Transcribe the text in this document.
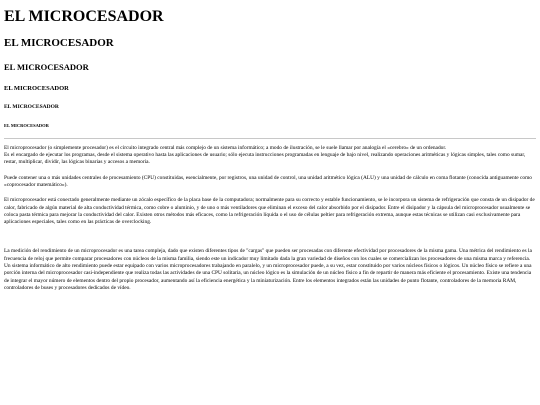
EL MICROCESADOR
EL MICROCESADOR
EL MICROCESADOR
EL MICROCESADOR
EL MICROCESADOR
EL MICROCESADOR

El microprocesador (o simplemente procesador) es el circuito integrado central más complejo de un sistema informático; a modo de ilustración, se le suele llamar por analogía el «cerebro» de un ordenador.
Es el encargado de ejecutar los programas, desde el sistema operativo hasta las aplicaciones de usuario; sólo ejecuta instrucciones programadas en lenguaje de bajo nivel, realizando operaciones aritméticas y lógicas simples, tales como sumar, restar, multiplicar, dividir, las lógicas binarias y accesos a memoria.

Puede contener una o más unidades centrales de procesamiento (CPU) constituidas, esencialmente, por registros, una unidad de control, una unidad aritmético lógica (ALU) y una unidad de cálculo en coma flotante (conocida antiguamente como «coprocesador matemático»).

El microprocesador está conectado generalmente mediante un zócalo específico de la placa base de la computadora; normalmente para su correcto y estable funcionamiento, se le incorpora un sistema de refrigeración que consta de un disipador de calor, fabricado de algún material de alta conductividad térmica, como cobre o aluminio, y de uno o más ventiladores que eliminan el exceso del calor absorbido por el disipador. Entre el disipador y la cápsula del microprocesador usualmente se coloca pasta térmica para mejorar la conductividad del calor. Existen otros métodos más eficaces, como la refrigeración líquida o el uso de células peltier para refrigeración extrema, aunque estas técnicas se utilizan casi exclusivamente para aplicaciones especiales, tales como en las prácticas de overclocking.

La medición del rendimiento de un microprocesador es una tarea compleja, dado que existen diferentes tipos de "cargas" que pueden ser procesadas con diferente efectividad por procesadores de la misma gama. Una métrica del rendimiento es la frecuencia de reloj que permite comparar procesadores con núcleos de la misma familia, siendo este un indicador muy limitado dada la gran variedad de diseños con los cuales se comercializan los procesadores de una misma marca y referencia. Un sistema informático de alto rendimiento puede estar equipado con varios microprocesadores trabajando en paralelo, y un microprocesador puede, a su vez, estar constituido por varios núcleos físicos o lógicos. Un núcleo físico se refiere a una porción interna del microprocesador casi-independiente que realiza todas las actividades de una CPU solitaria, un núcleo lógico es la simulación de un núcleo físico a fin de repartir de manera más eficiente el procesamiento. Existe una tendencia de integrar el mayor número de elementos dentro del propio procesador, aumentando así la eficiencia energética y la miniaturización. Entre los elementos integrados están las unidades de punto flotante, controladores de la memoria RAM, controladores de buses y procesadores dedicados de vídeo.
